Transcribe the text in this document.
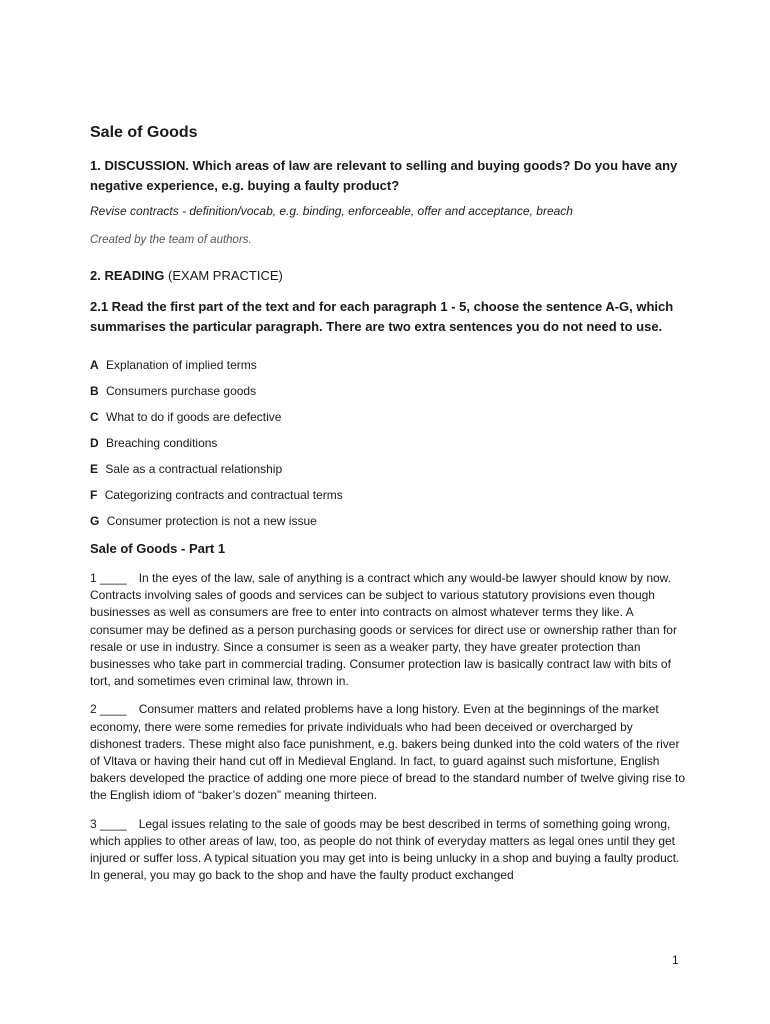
Sale of Goods

1. DISCUSSION. Which areas of law are relevant to selling and buying goods? Do you have any negative experience, e.g. buying a faulty product?

Revise contracts - definition/vocab, e.g. binding, enforceable, offer and acceptance, breach

Created by the team of authors.

2. READING (EXAM PRACTICE)

2.1 Read the first part of the text and for each paragraph 1 - 5, choose the sentence A-G, which summarises the particular paragraph. There are two extra sentences you do not need to use.

A Explanation of implied terms
B Consumers purchase goods
C What to do if goods are defective
D Breaching conditions
E Sale as a contractual relationship
F Categorizing contracts and contractual terms
G Consumer protection is not a new issue
Sale of Goods - Part 1

1 ____ In the eyes of the law, sale of anything is a contract which any would-be lawyer should know by now. Contracts involving sales of goods and services can be subject to various statutory provisions even though businesses as well as consumers are free to enter into contracts on almost whatever terms they like. A consumer may be defined as a person purchasing goods or services for direct use or ownership rather than for resale or use in industry. Since a consumer is seen as a weaker party, they have greater protection than businesses who take part in commercial trading. Consumer protection law is basically contract law with bits of tort, and sometimes even criminal law, thrown in.

2 ____ Consumer matters and related problems have a long history. Even at the beginnings of the market economy, there were some remedies for private individuals who had been deceived or overcharged by dishonest traders. These might also face punishment, e.g. bakers being dunked into the cold waters of the river of Vltava or having their hand cut off in Medieval England. In fact, to guard against such misfortune, English bakers developed the practice of adding one more piece of bread to the standard number of twelve giving rise to the English idiom of “baker’s dozen” meaning thirteen.

3 ____ Legal issues relating to the sale of goods may be best described in terms of something going wrong, which applies to other areas of law, too, as people do not think of everyday matters as legal ones until they get injured or suffer loss. A typical situation you may get into is being unlucky in a shop and buying a faulty product. In general, you may go back to the shop and have the faulty product exchanged

1
